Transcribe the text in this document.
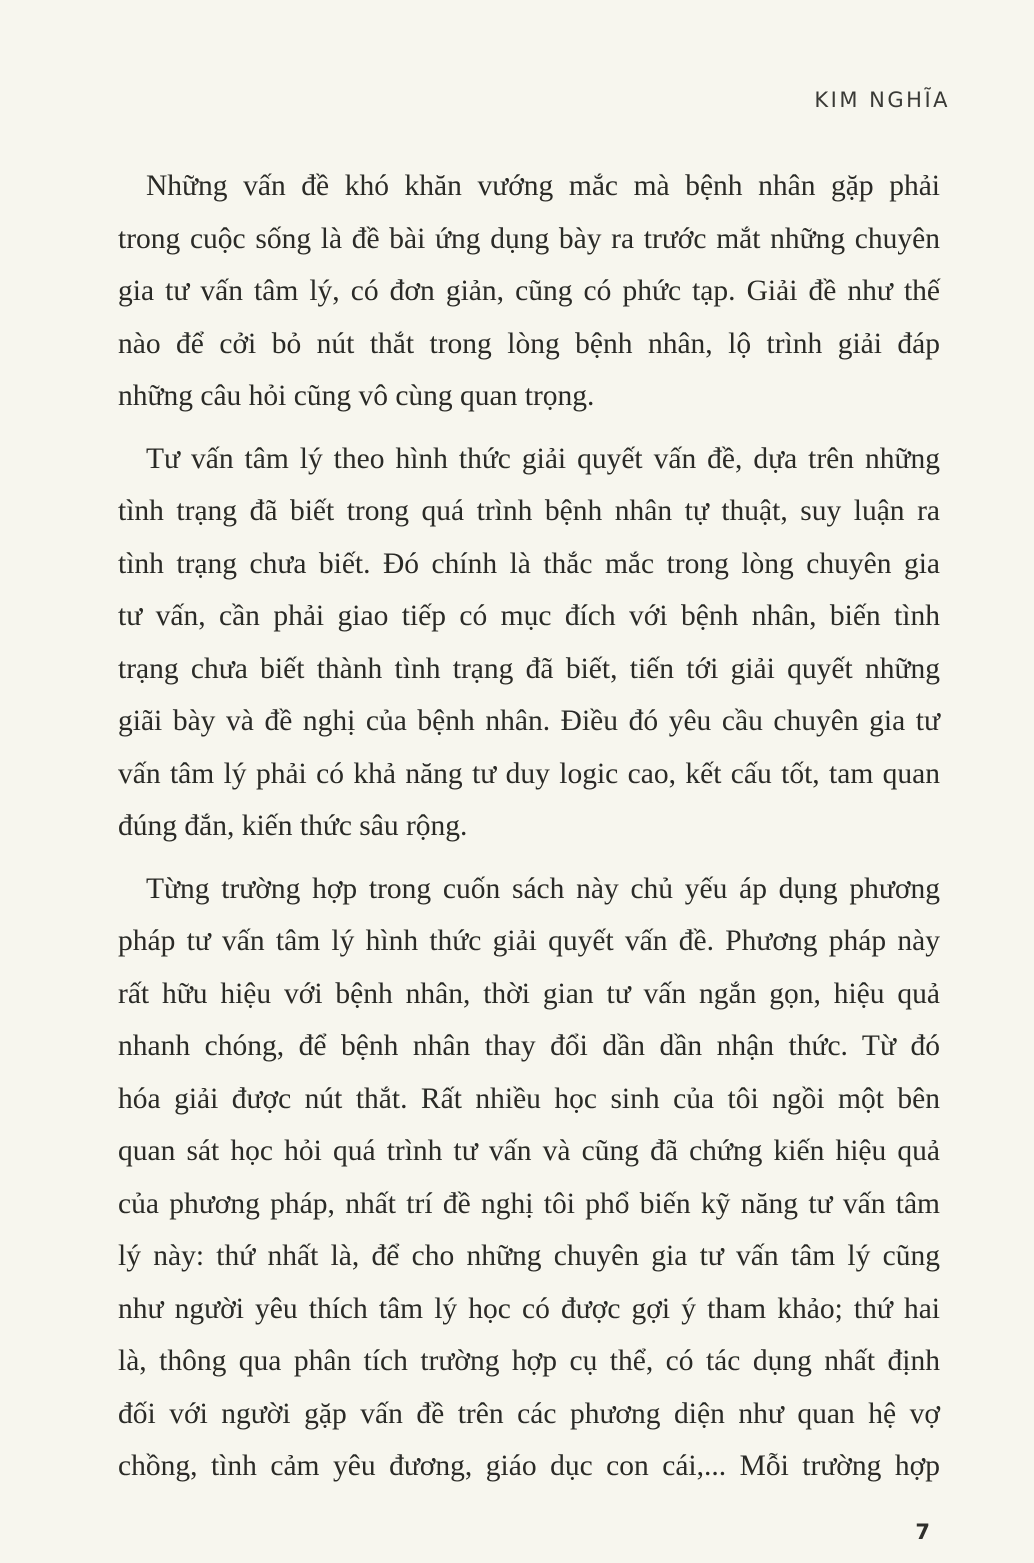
KIM NGHĨA
Những vấn đề khó khăn vướng mắc mà bệnh nhân gặp phải
trong cuộc sống là đề bài ứng dụng bày ra trước mắt những chuyên
gia tư vấn tâm lý, có đơn giản, cũng có phức tạp. Giải đề như thế
nào để cởi bỏ nút thắt trong lòng bệnh nhân, lộ trình giải đáp
những câu hỏi cũng vô cùng quan trọng.
Tư vấn tâm lý theo hình thức giải quyết vấn đề, dựa trên những
tình trạng đã biết trong quá trình bệnh nhân tự thuật, suy luận ra
tình trạng chưa biết. Đó chính là thắc mắc trong lòng chuyên gia
tư vấn, cần phải giao tiếp có mục đích với bệnh nhân, biến tình
trạng chưa biết thành tình trạng đã biết, tiến tới giải quyết những
giãi bày và đề nghị của bệnh nhân. Điều đó yêu cầu chuyên gia tư
vấn tâm lý phải có khả năng tư duy logic cao, kết cấu tốt, tam quan
đúng đắn, kiến thức sâu rộng.
Từng trường hợp trong cuốn sách này chủ yếu áp dụng phương
pháp tư vấn tâm lý hình thức giải quyết vấn đề. Phương pháp này
rất hữu hiệu với bệnh nhân, thời gian tư vấn ngắn gọn, hiệu quả
nhanh chóng, để bệnh nhân thay đổi dần dần nhận thức. Từ đó
hóa giải được nút thắt. Rất nhiều học sinh của tôi ngồi một bên
quan sát học hỏi quá trình tư vấn và cũng đã chứng kiến hiệu quả
của phương pháp, nhất trí đề nghị tôi phổ biến kỹ năng tư vấn tâm
lý này: thứ nhất là, để cho những chuyên gia tư vấn tâm lý cũng
như người yêu thích tâm lý học có được gợi ý tham khảo; thứ hai
là, thông qua phân tích trường hợp cụ thể, có tác dụng nhất định
đối với người gặp vấn đề trên các phương diện như quan hệ vợ
chồng, tình cảm yêu đương, giáo dục con cái,... Mỗi trường hợp
7
